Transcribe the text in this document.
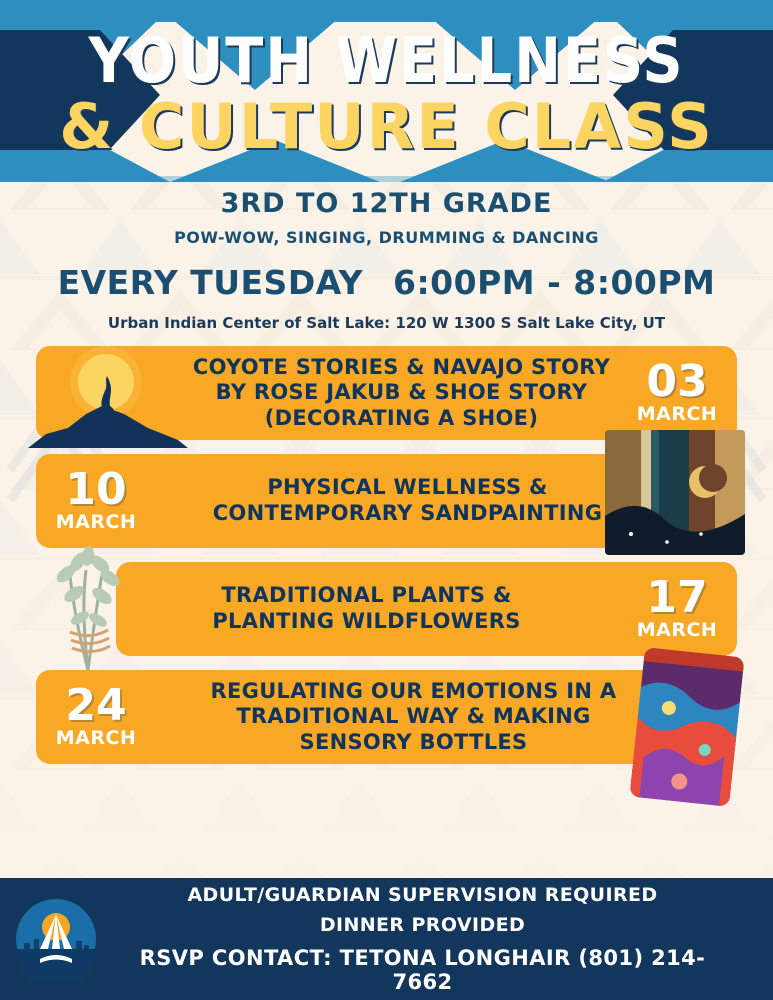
YOUTH WELLNESS
& CULTURE CLASS
3RD TO 12TH GRADE
POW-WOW, SINGING, DRUMMING & DANCING
EVERY TUESDAY 6:00PM - 8:00PM
Urban Indian Center of Salt Lake: 120 W 1300 S Salt Lake City, UT
COYOTE STORIES & NAVAJO STORY
BY ROSE JAKUB & SHOE STORY
(DECORATING A SHOE)
03
MARCH
10
MARCH
PHYSICAL WELLNESS &
CONTEMPORARY SANDPAINTING
TRADITIONAL PLANTS &
PLANTING WILDFLOWERS	17
MARCH
24
MARCH
REGULATING OUR EMOTIONS IN A
TRADITIONAL WAY & MAKING
SENSORY BOTTLES
ADULT/GUARDIAN SUPERVISION REQUIRED
DINNER PROVIDED
RSVP CONTACT: TETONA LONGHAIR (801) 214-7662
